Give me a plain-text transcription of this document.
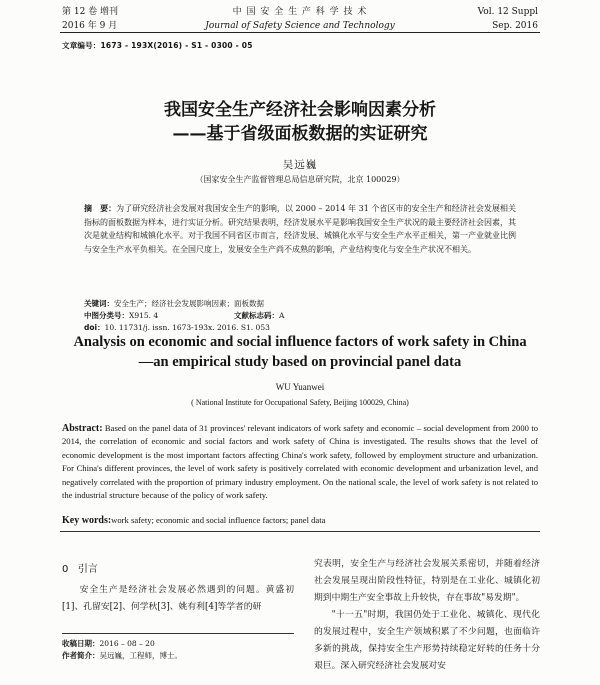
第 12 卷 增刊
2016 年 9 月
中 国 安 全 生 产 科 学 技 术
Journal of Safety Science and Technology
Vol. 12 Suppl
Sep. 2016
文章编号：1673 - 193X(2016) - S1 - 0300 - 05
我国安全生产经济社会影响因素分析
——基于省级面板数据的实证研究
吴远巍
（国家安全生产监督管理总局信息研究院，北京 100029）
摘　要：为了研究经济社会发展对我国安全生产的影响，以 2000 – 2014 年 31 个省区市的安全生产和经济社会发展相关指标的面板数据为样本，进行实证分析。研究结果表明，经济发展水平是影响我国安全生产状况的最主要经济社会因素，其次是就业结构和城镇化水平。对于我国不同省区市而言，经济发展、城镇化水平与安全生产水平正相关，第一产业就业比例与安全生产水平负相关。在全国尺度上，发展安全生产尚不成熟的影响，产业结构变化与安全生产状况不相关。
关键词：安全生产；经济社会发展影响因素；面板数据
中图分类号：X915. 4	文献标志码：Adoi：10. 11731/j. issn. 1673-193x. 2016. S1. 053
Analysis on economic and social influence factors of work safety in China
—an empirical study based on provincial panel data
WU Yuanwei
( National Institute for Occupational Safety, Beijing 100029, China)
Abstract: Based on the panel data of 31 provinces' relevant indicators of work safety and economic – social development from 2000 to 2014, the correlation of economic and social factors and work safety of China is investigated. The results shows that the level of economic development is the most important factors affecting China's work safety, followed by employment structure and urbanization. For China's different provinces, the level of work safety is positively correlated with economic development and urbanization level, and negatively correlated with the proportion of primary industry employment. On the national scale, the level of work safety is not related to the industrial structure because of the policy of work safety.
Key words:work safety; economic and social influence factors; panel data
0 引言
安全生产是经济社会发展必然遇到的问题。黄盛初[1]、孔留安[2]、何学秋[3]、姚有利[4]等学者的研
收稿日期：2016 – 08 – 20
作者简介：吴远巍，工程师，博士。
究表明，安全生产与经济社会发展关系密切，并随着经济社会发展呈现出阶段性特征，特别是在工业化、城镇化初期到中期生产安全事故上升较快，存在事故"易发期"。
"十一五"时期，我国仍处于工业化、城镇化、现代化的发展过程中，安全生产领域积累了不少问题，也面临许多新的挑战，保持安全生产形势持续稳定好转的任务十分艰巨。深入研究经济社会发展对安
